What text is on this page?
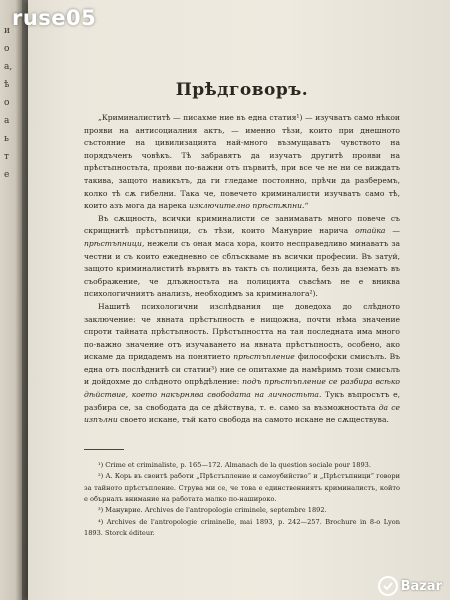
и
о
а,
ѣ
о
а
ь
т
е
Прѣдговоръ.

„Криминалиститѣ — писахме ние въ една статия¹) — изучватъ само нѣкои прояви на антисоциалния актъ, — именно тѣзи, които при днешното състояние на цивилизацията най-много възмущаватъ чувството на порядъченъ човѣкъ. Тѣ забравятъ да изучатъ другитѣ прояви на прѣстъпностьта, прояви по-важни отъ първитѣ, при все че не ни се виждатъ такива, защото навикътъ, да ги гледаме постоянно, прѣчи да разберемъ, колко тѣ сѫ гибелни. Така че, повечето криминалисти изучватъ само тѣ, които азъ мога да нарека изключително прѣстѫпни.“

Въ сѫщность, всички криминалисти се занимаватъ много повече съ скрищнитѣ прѣстъпници, съ тѣзи, които Мануврие нарича отайка — прѣстъпници, нежели съ оная маса хора, които несправедливо минаватъ за честни и съ които ежедневно се сблъскваме въ всички професии. Въ затуй, защото криминалиститѣ вървятъ въ тактъ съ полицията, безъ да взематъ въ съображение, че длъжностьта на полицията съвсѣмъ не е вниква психологичниятъ анализъ, необходимъ за криминалога²).

Нашитѣ психологични изслѣдвания ще доведоха до слѣдното заключение: че явната прѣстъпность е нищожна, почти нѣма значение спроти тайната прѣстъпность. Прѣстъпността на тая последната има много по-важно значение отъ изучаването на явната прѣстъпность, особено, ако искаме да придадемъ на понятието прѣстъпление философски смисълъ. Въ една отъ послѣднитѣ си статии³) ние се опитахме да намѣримъ този смисълъ и дойдохме до слѣдното опрѣдѣление: подъ прѣстъпление се разбира всѣко дѣйствие, което накърнява свободата на личностьта. Тукъ въпросътъ е, разбира се, за свободата да се дѣйствува, т. е. само за възможностьта да се изпълни своето искане, тъй като свобода на самото искане не сѫществува.

¹) Crime et criminaliste, p. 165—172. Almanach de la question sociale pour 1893.

²) А. Корь въ своитѣ работи „Прѣстъпление и самоубийство“ и „Прѣстъпници“ говори за тайното прѣстъпление. Струва ми се, че това е единственниятъ криминалистъ, който е обърналъ внимание на работата малко по-нашироко.

³) Мануврие. Archives de l'antropologie criminele, septembre 1892.

⁴) Archives de l'antropologie criminelle, mai 1893, p. 242—257. Brochure in 8-o Lyon 1893. Storck éditeur.

ruse05
Bazar
